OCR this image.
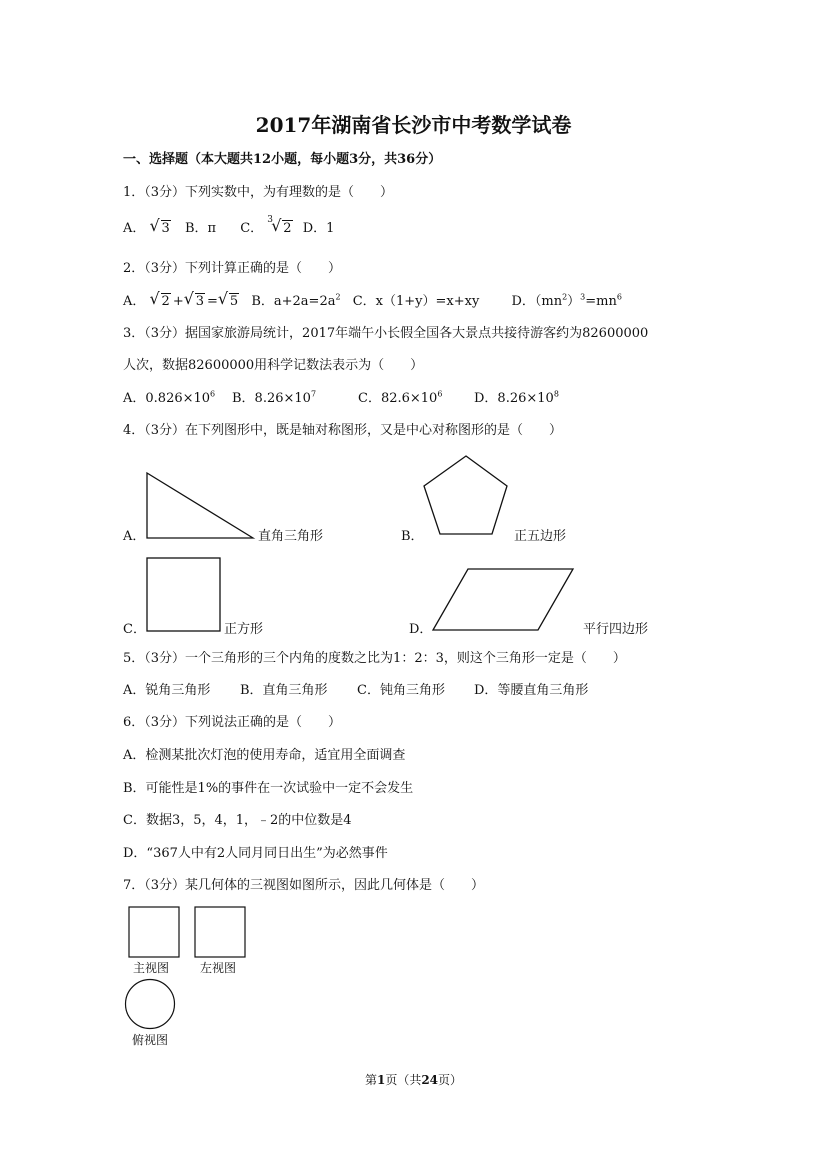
2017年湖南省长沙市中考数学试卷
一、选择题（本大题共12小题，每小题3分，共36分）
1．（3分）下列实数中，为有理数的是（　　）
A． √ 3 B．π C．
3
√ 2 D．1
2．（3分）下列计算正确的是（　　）
A． √ 2 + √ 3 = √ 5 B．$a+2a=2a^2$ C．x（1+y）=x+xy D．$(mn^2)^3=mn^6$
3．（3分）据国家旅游局统计，2017年端午小长假全国各大景点共接待游客约为82600000
人次，数据82600000用科学记数法表示为（　　）
A．$0.826\times 10^6$ B．$8.26\times 10^7$	C．$82.6\times 10^6$ D．$8.26\times 10^8$
4．（3分）在下列图形中，既是轴对称图形，又是中心对称图形的是（　　）
A．	直角三角形	B．	正五边形
C．	正方形	D．	平行四边形
5．（3分）一个三角形的三个内角的度数之比为1：2：3，则这个三角形一定是（　　）
A．锐角三角形 B．直角三角形 C．钝角三角形 D．等腰直角三角形
6．（3分）下列说法正确的是（　　）
A．检测某批次灯泡的使用寿命，适宜用全面调查
B．可能性是1%的事件在一次试验中一定不会发生
C．数据3，5，4，1，﹣2的中位数是4
D．“367人中有2人同月同日出生”为必然事件
7．（3分）某几何体的三视图如图所示，因此几何体是（　　）
主视图	左视图
俯视图
第1页（共24页）
